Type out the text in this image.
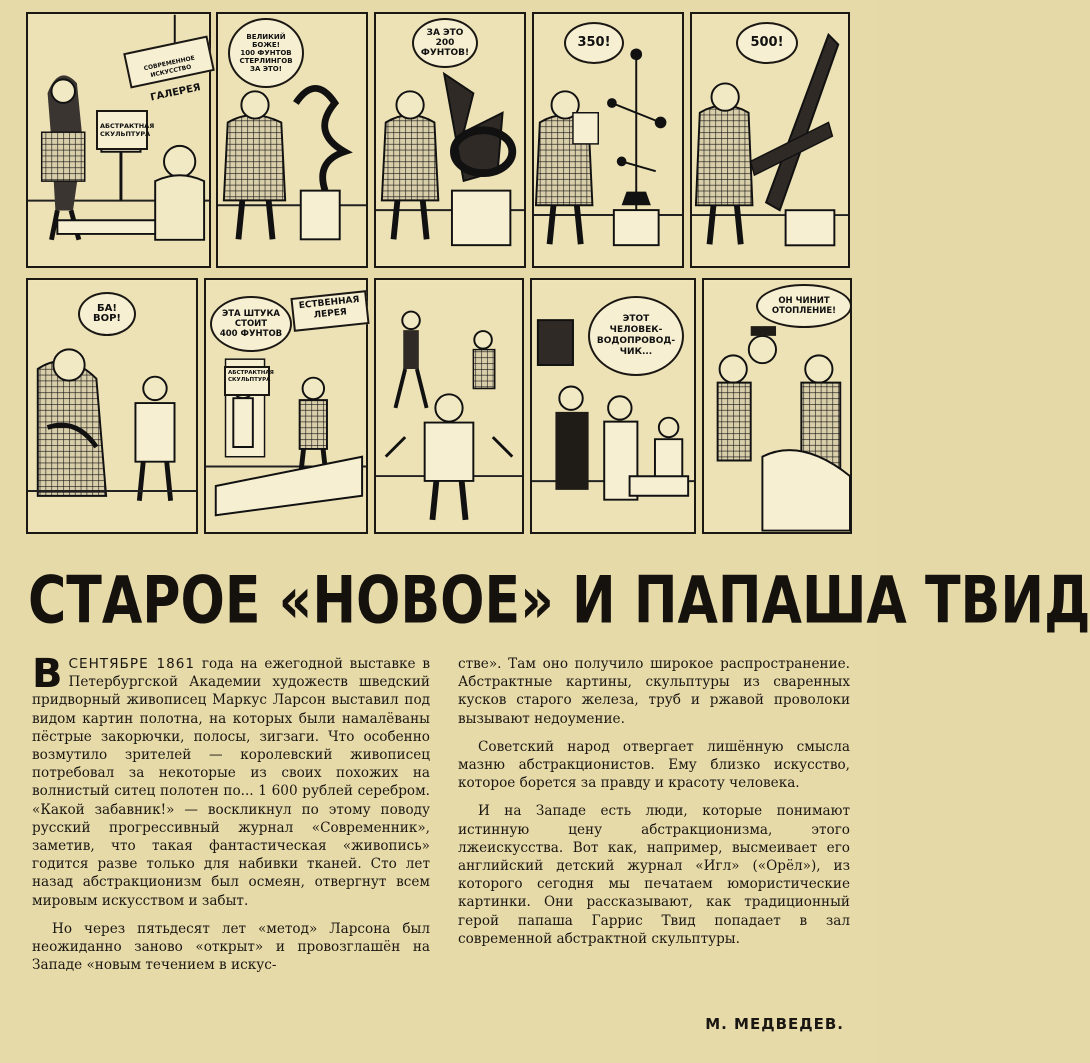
СОВРЕМЕННОЕ ИСКУССТВО

ГАЛЕРЕЯ

АБСТРАКТНАЯ
СКУЛЬПТУРА
ВЕЛИКИЙ
БОЖЕ!
100 ФУНТОВ
СТЕРЛИНГОВ
ЗА ЭТО!
ЗА ЭТО
200
ФУНТОВ!
350!	500!
БА!
ВОР!	ЭТА ШТУКА
СТОИТ
400 ФУНТОВ
ЕСТВЕННАЯ
ЛЕРЕЯ
АБСТРАКТНАЯ
СКУЛЬПТУРА
ЭТОТ
ЧЕЛОВЕК-
ВОДОПРОВОД-
ЧИК...
ОН ЧИНИТ
ОТОПЛЕНИЕ!
СТАРОЕ «НОВОЕ» И ПАПАША ТВИД

В СЕНТЯБРЕ 1861 года на ежегодной выставке в Петербургской Академии художеств шведский придворный живописец Маркус Ларсон выставил под видом картин полотна, на которых были намалёваны пёстрые закорючки, полосы, зигзаги. Что особенно возмутило зрителей — королевский живописец потребовал за некоторые из своих похожих на волнистый ситец полотен по... 1 600 рублей серебром. «Какой забавник!» — воскликнул по этому поводу русский прогрессивный журнал «Современник», заметив, что такая фантастическая «живопись» годится разве только для набивки тканей. Сто лет назад абстракционизм был осмеян, отвергнут всем мировым искусством и забыт.

Но через пятьдесят лет «метод» Ларсона был неожиданно заново «открыт» и провозглашён на Западе «новым течением в искус-

стве». Там оно получило широкое распространение. Абстрактные картины, скульптуры из сваренных кусков старого железа, труб и ржавой проволоки вызывают недоумение.

Советский народ отвергает лишённую смысла мазню абстракционистов. Ему близко искусство, которое борется за правду и красоту человека.

И на Западе есть люди, которые понимают истинную цену абстракционизма, этого лжеискусства. Вот как, например, высмеивает его английский детский журнал «Игл» («Орёл»), из которого сегодня мы печатаем юмористические картинки. Они рассказывают, как традиционный герой папаша Гаррис Твид попадает в зал современной абстрактной скульптуры.

М. МЕДВЕДЕВ.
